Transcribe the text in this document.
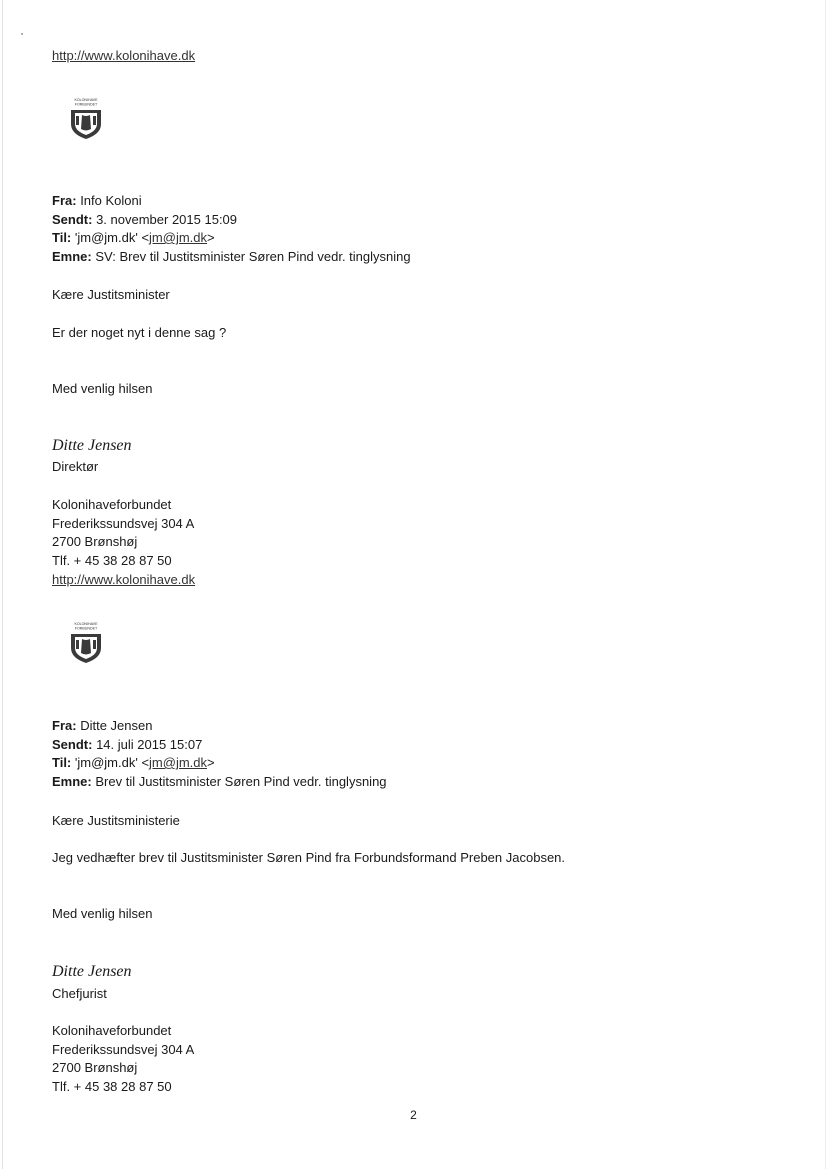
http://www.kolonihave.dk
KOLONIHAVE
FORBUNDET
Fra: Info Koloni
Sendt: 3. november 2015 15:09
Til: 'jm@jm.dk' <jm@jm.dk>
Emne: SV: Brev til Justitsminister Søren Pind vedr. tinglysning
Kære Justitsminister
Er der noget nyt i denne sag ?
Med venlig hilsen
Ditte Jensen
Direktør
Kolonihaveforbundet
Frederikssundsvej 304 A
2700 Brønshøj
Tlf. + 45 38 28 87 50
http://www.kolonihave.dk
KOLONIHAVE
FORBUNDET
Fra: Ditte Jensen
Sendt: 14. juli 2015 15:07
Til: 'jm@jm.dk' <jm@jm.dk>
Emne: Brev til Justitsminister Søren Pind vedr. tinglysning
Kære Justitsministerie
Jeg vedhæfter brev til Justitsminister Søren Pind fra Forbundsformand Preben Jacobsen.
Med venlig hilsen
Ditte Jensen
Chefjurist
Kolonihaveforbundet
Frederikssundsvej 304 A
2700 Brønshøj
Tlf. + 45 38 28 87 50
2
